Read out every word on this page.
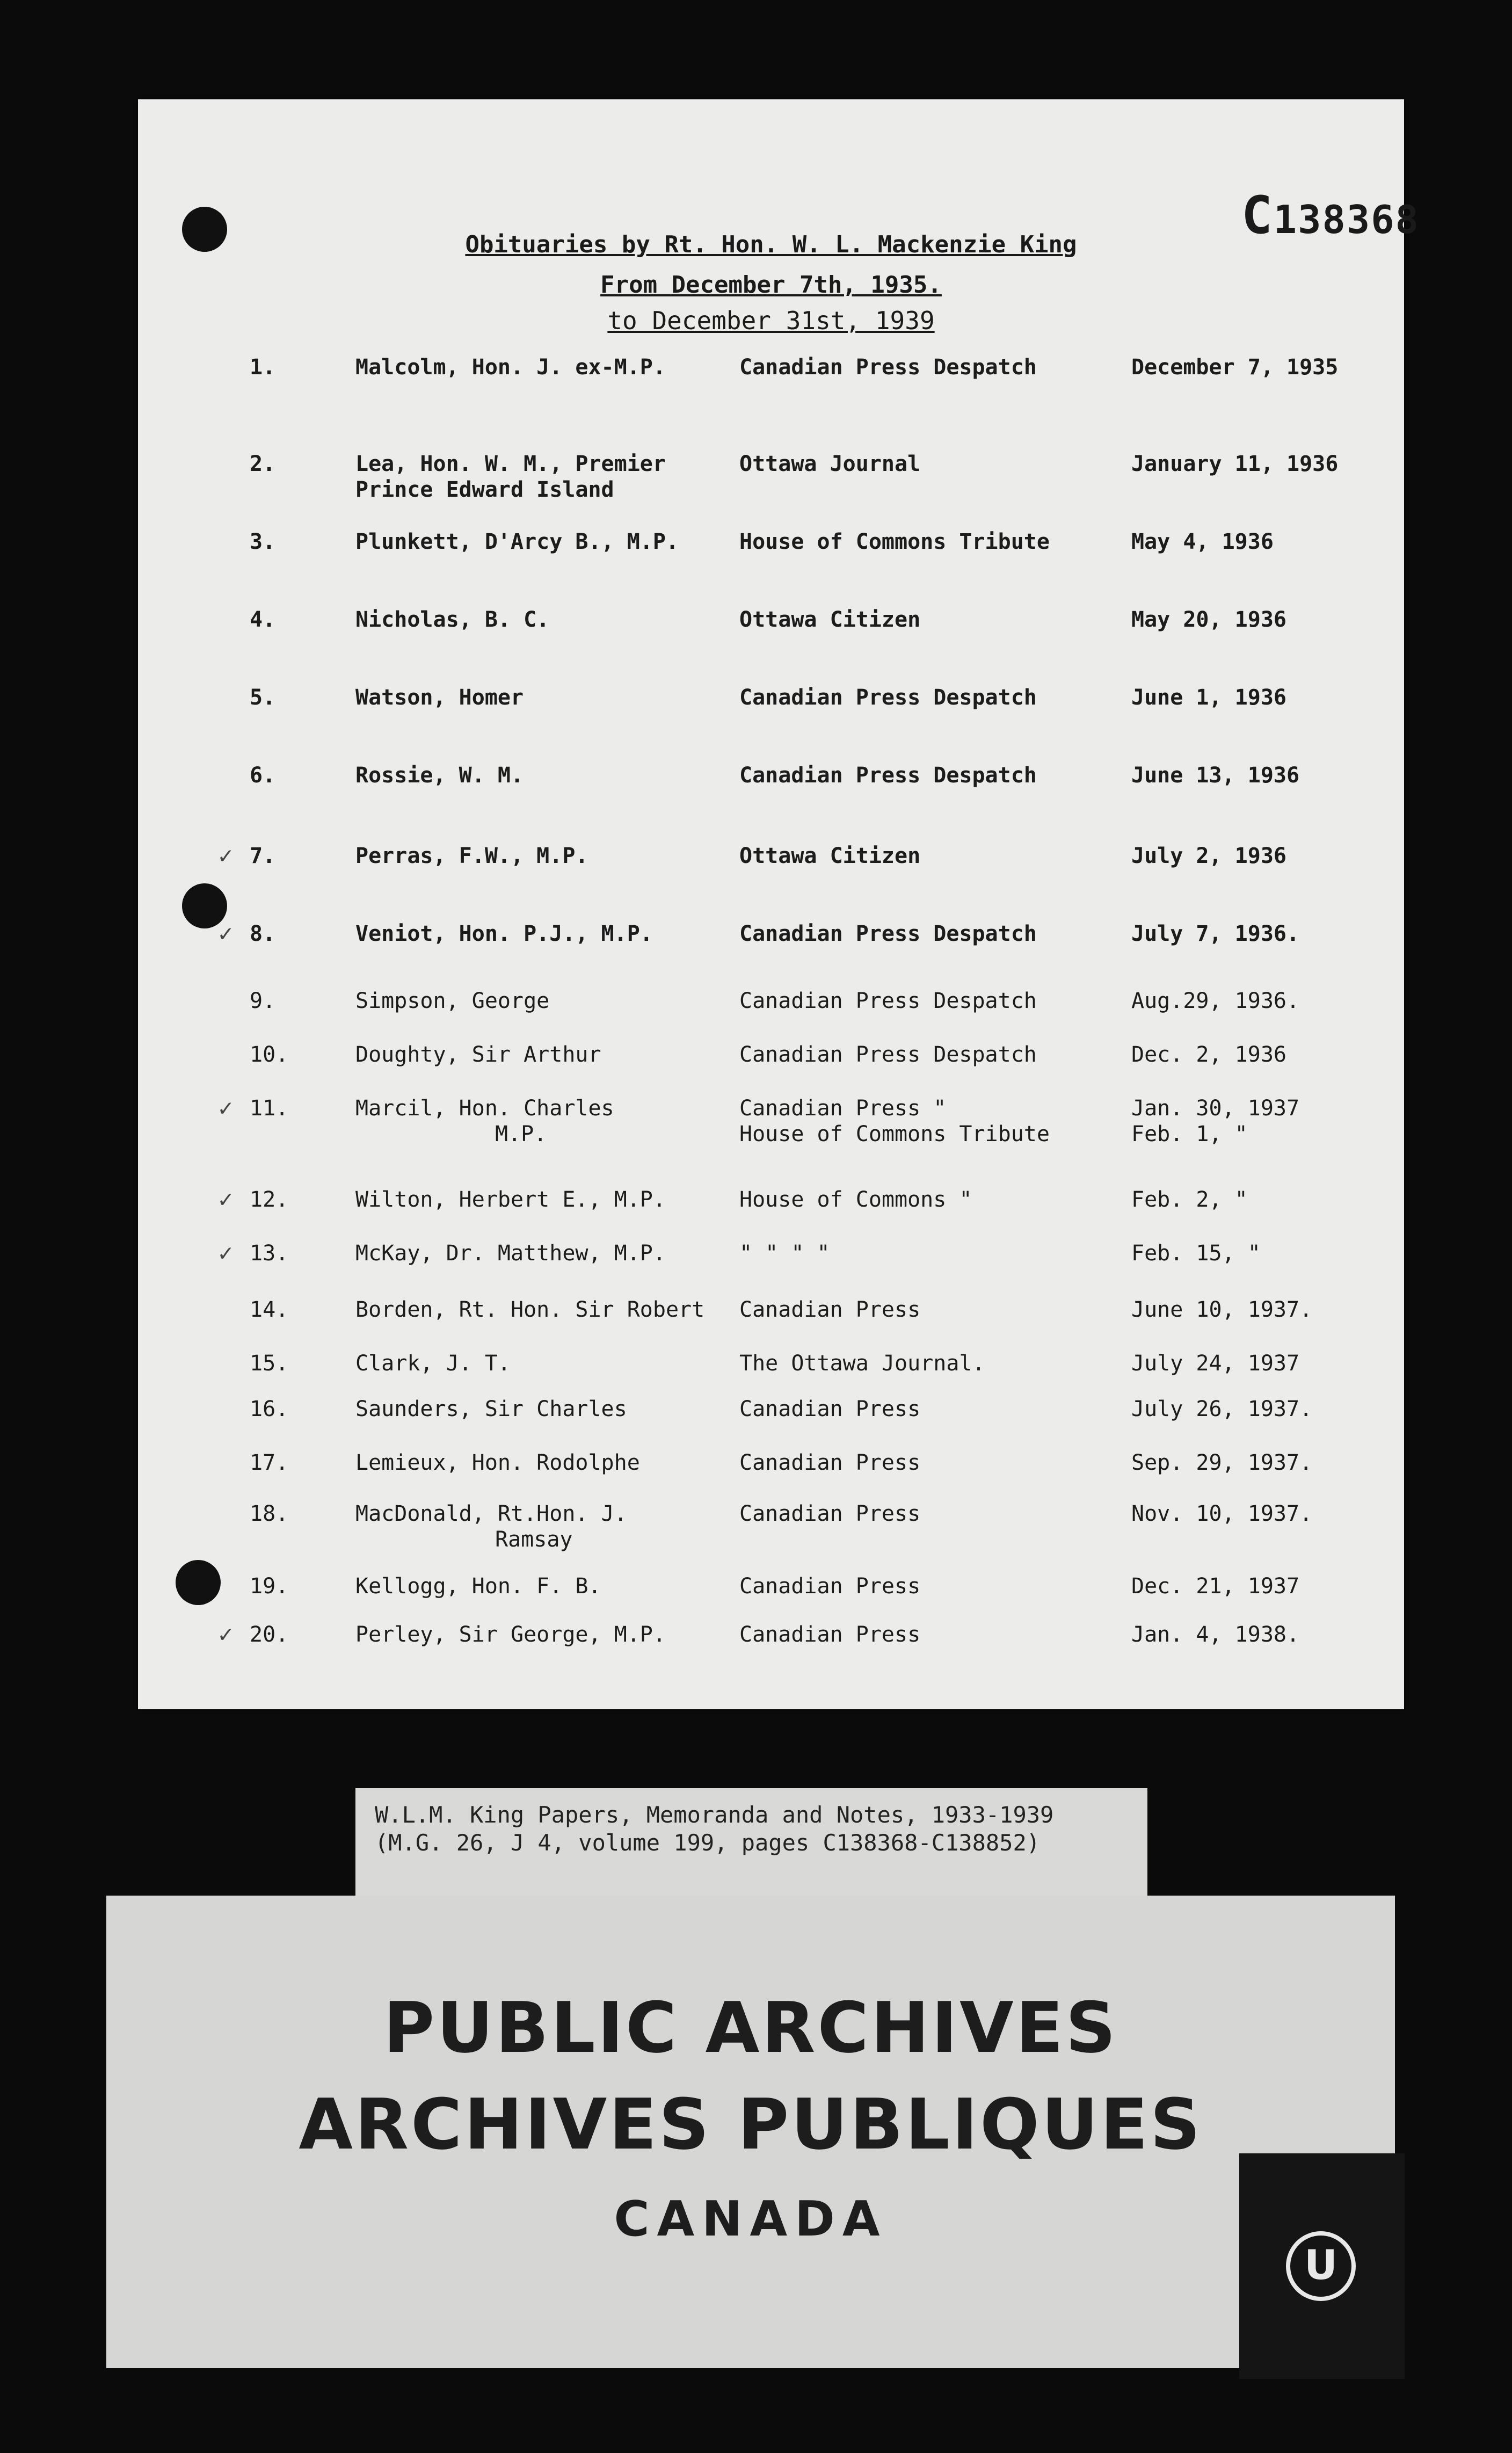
C138368
Obituaries by Rt. Hon. W. L. Mackenzie King
From December 7th, 1935.
to December 31st, 1939
1.	Malcolm, Hon. J. ex-M.P.	Canadian Press Despatch	December 7, 1935
2.	Lea, Hon. W. M., Premier	Ottawa Journal	January 11, 1936
Prince Edward Island
3.	Plunkett, D'Arcy B., M.P.	House of Commons Tribute	May 4, 1936
4.	Nicholas, B. C.	Ottawa Citizen	May 20, 1936
5.	Watson, Homer	Canadian Press Despatch	June 1, 1936
6.	Rossie, W. M.	Canadian Press Despatch	June 13, 1936
✓ 7.	Perras, F.W., M.P.	Ottawa Citizen	July 2, 1936
✓ 8.	Veniot, Hon. P.J., M.P.	Canadian Press Despatch	July 7, 1936.
9.	Simpson, George	Canadian Press Despatch	Aug.29, 1936.
10.	Doughty, Sir Arthur	Canadian Press Despatch	Dec. 2, 1936
✓ 11.	Marcil, Hon. Charles	Canadian Press "	Jan. 30, 1937
M.P.	House of Commons Tribute	Feb. 1, "
✓ 12.	Wilton, Herbert E., M.P.	House of Commons "	Feb. 2, "
✓ 13.	McKay, Dr. Matthew, M.P.	" " " "	Feb. 15, "
14.	Borden, Rt. Hon. Sir Robert	Canadian Press	June 10, 1937.
15.	Clark, J. T.	The Ottawa Journal.	July 24, 1937
16.	Saunders, Sir Charles	Canadian Press	July 26, 1937.
17.	Lemieux, Hon. Rodolphe	Canadian Press	Sep. 29, 1937.
18.	MacDonald, Rt.Hon. J.	Canadian Press	Nov. 10, 1937.
Ramsay
19.	Kellogg, Hon. F. B.	Canadian Press	Dec. 21, 1937
✓ 20.	Perley, Sir George, M.P.	Canadian Press	Jan. 4, 1938.
W.L.M. King Papers, Memoranda and Notes, 1933-1939
(M.G. 26, J 4, volume 199, pages C138368-C138852)
PUBLIC ARCHIVES
ARCHIVES PUBLIQUES
CANADA
U
